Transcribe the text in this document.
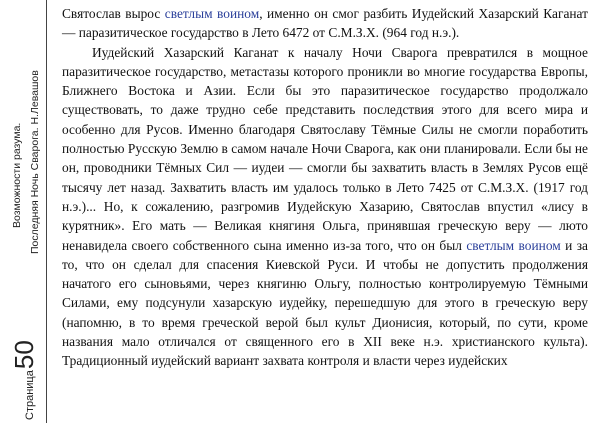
Возможности разума. Последняя Ночь Сварога. Н.Левашов
Страница
50

Святослав вырос светлым воином, именно он смог разбить Иудейский Хазарский Каганат — паразитическое государство в Лето 6472 от С.М.З.Х. (964 год н.э.).

Иудейский Хазарский Каганат к началу Ночи Сварога превратился в мощное паразитическое государство, метастазы которого проникли во многие государства Европы, Ближнего Востока и Азии. Если бы это паразитическое государство продолжало существовать, то даже трудно себе представить последствия этого для всего мира и особенно для Русов. Именно благодаря Святославу Тёмные Силы не смогли поработить полностью Русскую Землю в самом начале Ночи Сварога, как они планировали. Если бы не он, проводники Тёмных Сил — иудеи — смогли бы захватить власть в Землях Русов ещё тысячу лет назад. Захватить власть им удалось только в Лето 7425 от С.М.З.Х. (1917 год н.э.)... Но, к сожалению, разгромив Иудейскую Хазарию, Святослав впустил «лису в курятник». Его мать — Великая княгиня Ольга, принявшая греческую веру — люто ненавидела своего собственного сына именно из-за того, что он был светлым воином и за то, что он сделал для спасения Киевской Руси. И чтобы не допустить продолжения начатого его сыновьями, через княгиню Ольгу, полностью контролируемую Тёмными Силами, ему подсунули хазарскую иудейку, перешедшую для этого в греческую веру (напомню, в то время греческой верой был культ Дионисия, который, по сути, кроме названия мало отличался от священного его в XII веке н.э. христианского культа). Традиционный иудейский вариант захвата контроля и власти через иудейских
